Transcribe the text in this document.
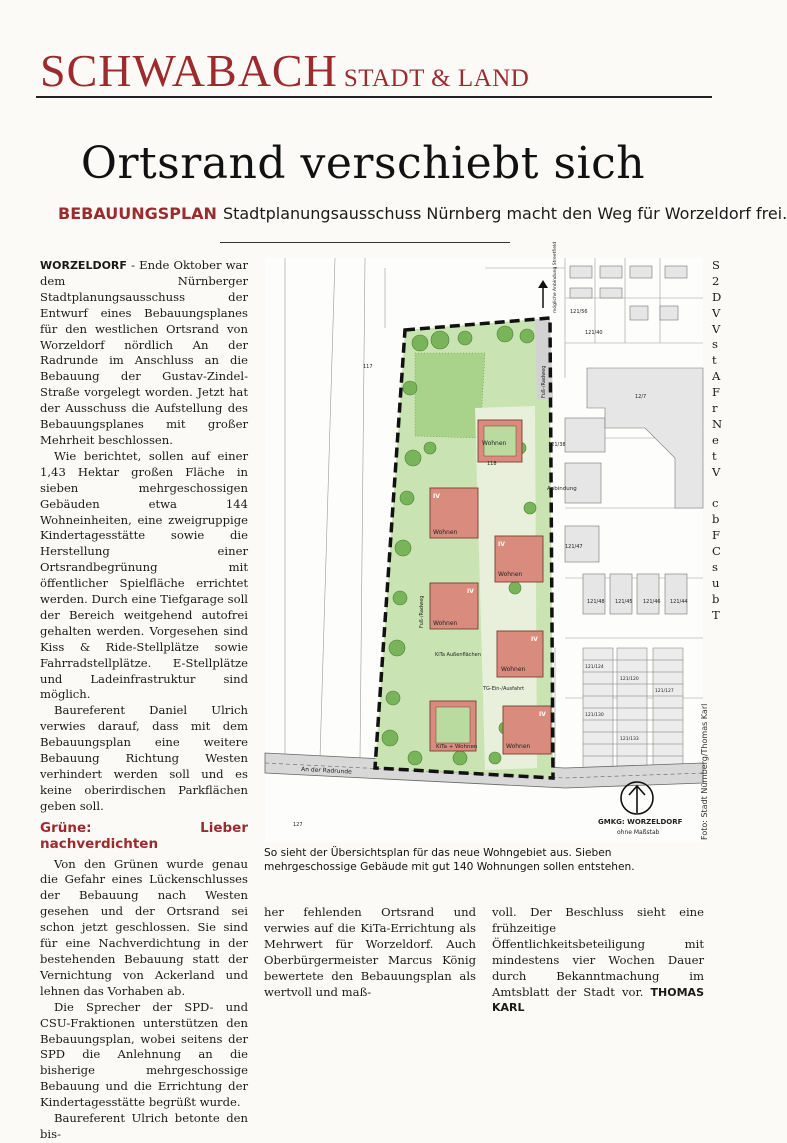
SCHWABACH STADT & LAND
Ortsrand verschiebt sich
BEBAUUNGSPLAN Stadtplanungsausschuss Nürnberg macht den Weg für Worzeldorf frei.

WORZELDORF - Ende Oktober war dem Nürnberger Stadtplanungsausschuss der Entwurf eines Bebauungsplanes für den westlichen Ortsrand von Worzeldorf nördlich An der Radrunde im Anschluss an die Bebauung der Gustav-Zindel-Straße vorgelegt worden. Jetzt hat der Ausschuss die Aufstellung des Bebauungsplanes mit großer Mehrheit beschlossen.

Wie berichtet, sollen auf einer 1,43 Hektar großen Fläche in sieben mehrgeschossigen Gebäuden etwa 144 Wohneinheiten, eine zweigruppige Kindertagesstätte sowie die Herstellung einer Ortsrandbegrünung mit öffentlicher Spielfläche errichtet werden. Durch eine Tiefgarage soll der Bereich weitgehend autofrei gehalten werden. Vorgesehen sind Kiss & Ride-Stellplätze sowie Fahrradstellplätze. E-Stellplätze und Ladeinfrastruktur sind möglich.

Baureferent Daniel Ulrich verwies darauf, dass mit dem Bebauungsplan eine weitere Bebauung Richtung Westen verhindert werden soll und es keine oberirdischen Parkflächen geben soll.

Grüne: Lieber nachverdichten

Von den Grünen wurde genau die Gefahr eines Lückenschlusses der Bebauung nach Westen gesehen und der Ortsrand sei schon jetzt geschlossen. Sie sind für eine Nachverdichtung in der bestehenden Bebauung statt der Vernichtung von Ackerland und lehnen das Vorhaben ab.

Die Sprecher der SPD- und CSU-Fraktionen unterstützen den Bebauungsplan, wobei seitens der SPD die Anlehnung an die bisherige mehrgeschossige Bebauung und die Errichtung der Kindertagesstätte begrüßt wurde.

Baureferent Ulrich betonte den bis-

Wohnen
Wohnen
Wohnen
Wohnen
Wohnen
Wohnen
KiTa + Wohnen
KiTa Außenflächen
IV
IV
IV
IV
IV
An der Radrunde
Anbindung
TG-Ein-/Ausfahrt
GMKG: WORZELDORF
ohne Maßstab
Fuß-/Radweg
Fuß-/Radweg
mögliche Anbindung Streetfield
117
118
127
121/56
121/40
121/38
121/47
12/7
121/48 121/45 121/46 121/44
121/124
121/120
121/127
121/130
121/133	Foto: Stadt Nürnberg/Thomas Karl
So sieht der Übersichtsplan für das neue Wohngebiet aus. Sieben mehrgeschossige Gebäude mit gut 140 Wohnungen sollen entstehen.

her fehlenden Ortsrand und verwies auf die KiTa-Errichtung als Mehrwert für Worzeldorf. Auch Oberbürgermeister Marcus König bewertete den Bebauungsplan als wertvoll und maß-

voll. Der Beschluss sieht eine frühzeitige Öffentlichkeitsbeteiligung mit mindestens vier Wochen Dauer durch Bekanntmachung im Amtsblatt der Stadt vor. THOMAS KARL

S
2
D
V
V
s
t
A
F
r
N
e
t
V
c
b
F
C
s
u
b
T
